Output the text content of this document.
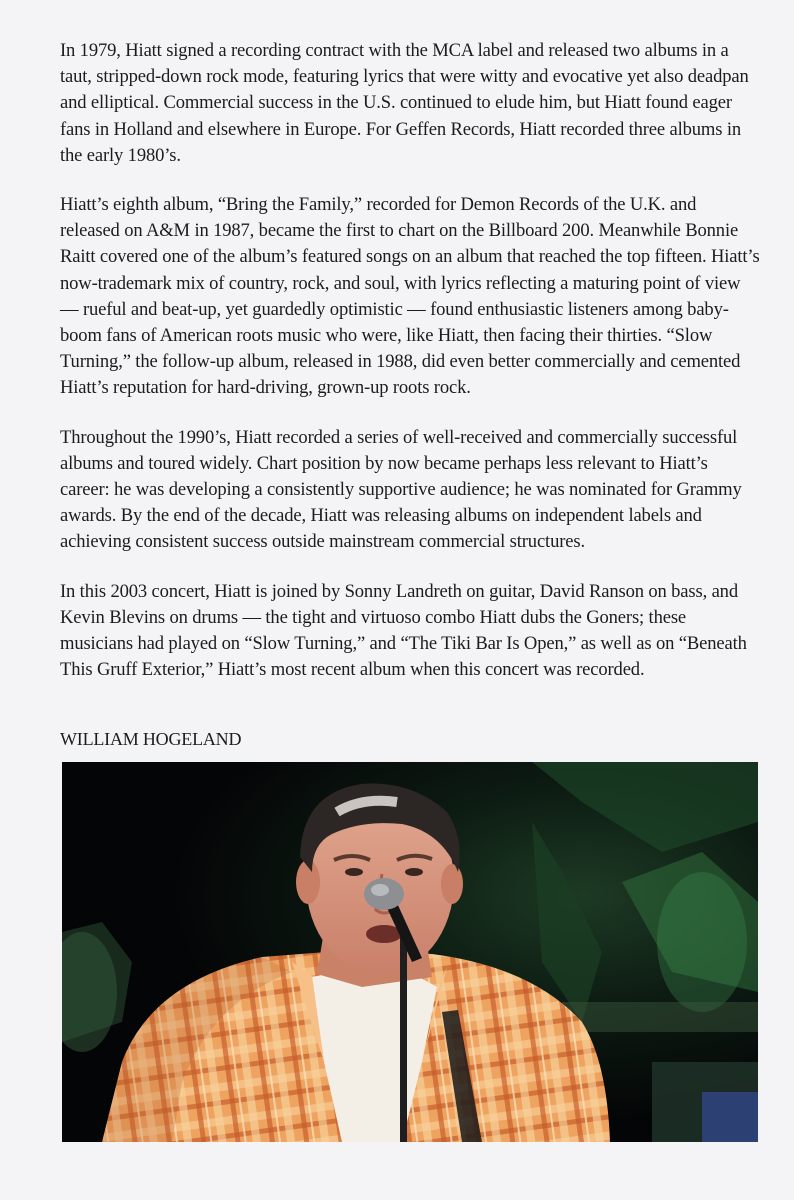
In 1979, Hiatt signed a recording contract with the MCA label and released two albums in a taut, stripped-down rock mode, featuring lyrics that were witty and evocative yet also deadpan and elliptical. Commercial success in the U.S. continued to elude him, but Hiatt found eager fans in Holland and elsewhere in Europe. For Geffen Records, Hiatt recorded three albums in the early 1980’s.

Hiatt’s eighth album, “Bring the Family,” recorded for Demon Records of the U.K. and released on A&M in 1987, became the first to chart on the Billboard 200. Meanwhile Bonnie Raitt covered one of the album’s featured songs on an album that reached the top fifteen. Hiatt’s now-trademark mix of country, rock, and soul, with lyrics reflecting a maturing point of view — rueful and beat-up, yet guardedly optimistic — found enthusiastic listeners among baby-boom fans of American roots music who were, like Hiatt, then facing their thirties. “Slow Turning,” the follow-up album, released in 1988, did even better commercially and cemented Hiatt’s reputation for hard-driving, grown-up roots rock.

Throughout the 1990’s, Hiatt recorded a series of well-received and commercially successful albums and toured widely. Chart position by now became perhaps less relevant to Hiatt’s career: he was developing a consistently supportive audience; he was nominated for Grammy awards. By the end of the decade, Hiatt was releasing albums on independent labels and achieving consistent success outside mainstream commercial structures.

In this 2003 concert, Hiatt is joined by Sonny Landreth on guitar, David Ranson on bass, and Kevin Blevins on drums — the tight and virtuoso combo Hiatt dubs the Goners; these musicians had played on “Slow Turning,” and “The Tiki Bar Is Open,” as well as on “Beneath This Gruff Exterior,” Hiatt’s most recent album when this concert was recorded.

WILLIAM HOGELAND
